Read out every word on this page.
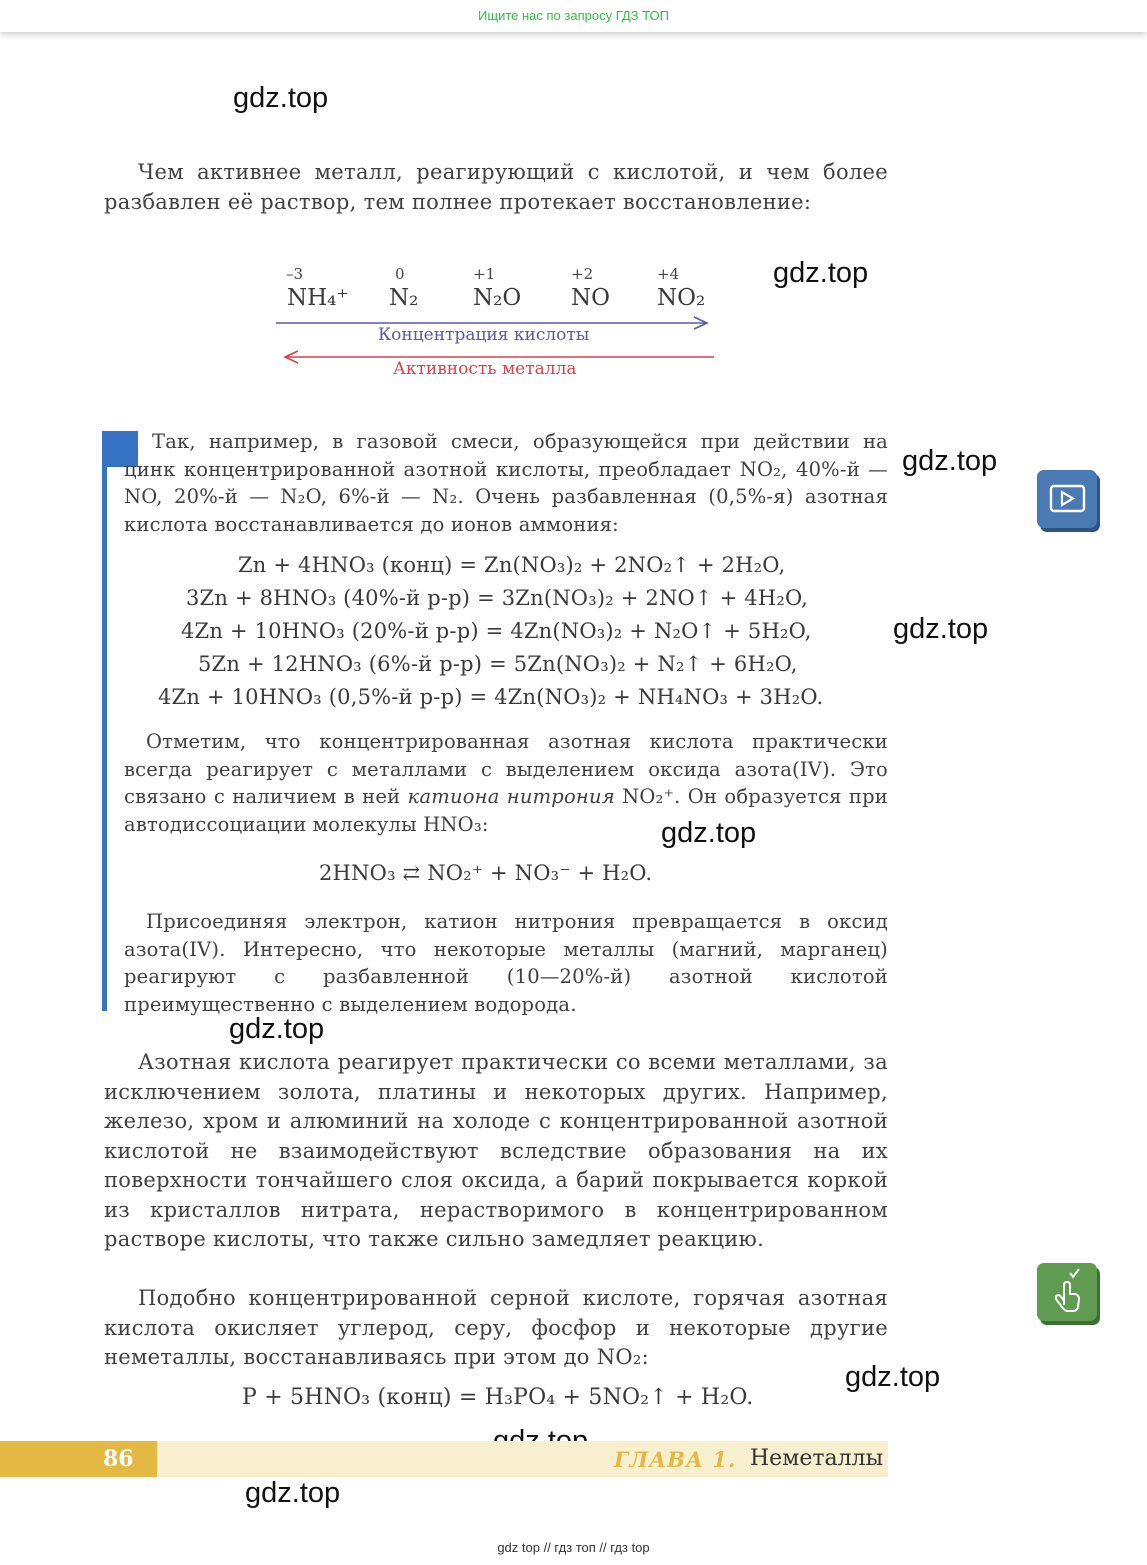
Ищите нас по запросу ГДЗ ТОП
gdz.top
gdz.top
gdz.top
gdz.top
gdz.top
gdz.top
gdz.top
gdz.top

Чем активнее металл, реагирующий с кислотой, и чем более разбавлен её раствор, тем полнее протекает восстановление:

–3	0	+1	+2	+4
NH₄⁺ N₂ N₂O NO NO₂
Концентрация кислоты
Активность металла

Так, например, в газовой смеси, образующейся при действии на цинк концентрированной азотной кислоты, преобладает NO₂, 40%-й — NO, 20%-й — N₂O, 6%-й — N₂. Очень разбавленная (0,5%-я) азотная кислота восстанавливается до ионов аммония:

Zn + 4HNO₃ (конц) = Zn(NO₃)₂ + 2NO₂↑ + 2H₂O,
3Zn + 8HNO₃ (40%-й р-р) = 3Zn(NO₃)₂ + 2NO↑ + 4H₂O,
4Zn + 10HNO₃ (20%-й р-р) = 4Zn(NO₃)₂ + N₂O↑ + 5H₂O,
5Zn + 12HNO₃ (6%-й р-р) = 5Zn(NO₃)₂ + N₂↑ + 6H₂O,
4Zn + 10HNO₃ (0,5%-й р-р) = 4Zn(NO₃)₂ + NH₄NO₃ + 3H₂O.

Отметим, что концентрированная азотная кислота практически всегда реагирует с металлами с выделением оксида азота(IV). Это связано с наличием в ней катиона нитрония NO₂⁺. Он образуется при автодиссоциации молекулы HNO₃:

2HNO₃ ⇄ NO₂⁺ + NO₃⁻ + H₂O.

Присоединяя электрон, катион нитрония превращается в оксид азота(IV). Интересно, что некоторые металлы (магний, марганец) реагируют с разбавленной (10—20%-й) азотной кислотой преимущественно с выделением водорода.

Азотная кислота реагирует практически со всеми металлами, за исключением золота, платины и некоторых других. Например, железо, хром и алюминий на холоде с концентрированной азотной кислотой не взаимодействуют вследствие образования на их поверхности тончайшего слоя оксида, а барий покрывается коркой из кристаллов нитрата, нерастворимого в концентрированном растворе кислоты, что также сильно замедляет реакцию.

Подобно концентрированной серной кислоте, горячая азотная кислота окисляет углерод, серу, фосфор и некоторые другие неметаллы, восстанавливаясь при этом до NO₂:

P + 5HNO₃ (конц) = H₃PO₄ + 5NO₂↑ + H₂O.
86	ГЛАВА 1. Неметаллы
gdz top // гдз топ // гдз top
